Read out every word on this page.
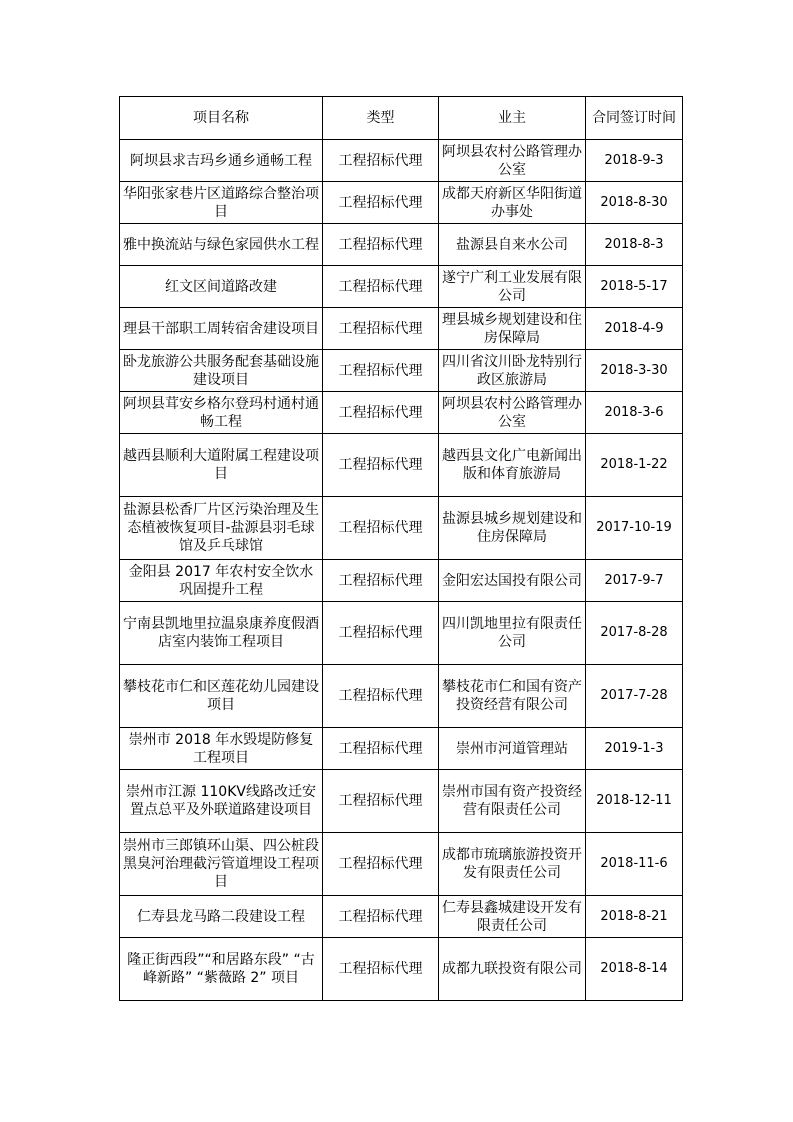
项目名称	类型	业主	合同签订时间
阿坝县求吉玛乡通乡通畅工程	工程招标代理	阿坝县农村公路管理办公室	2018-9-3
华阳张家巷片区道路综合整治项目	工程招标代理	成都天府新区华阳街道办事处	2018-8-30
雅中换流站与绿色家园供水工程	工程招标代理	盐源县自来水公司	2018-8-3
红文区间道路改建	工程招标代理	遂宁广利工业发展有限公司	2018-5-17
理县干部职工周转宿舍建设项目	工程招标代理	理县城乡规划建设和住房保障局	2018-4-9
卧龙旅游公共服务配套基础设施建设项目	工程招标代理	四川省汶川卧龙特别行政区旅游局	2018-3-30
阿坝县茸安乡格尔登玛村通村通畅工程	工程招标代理	阿坝县农村公路管理办公室	2018-3-6
越西县顺利大道附属工程建设项目	工程招标代理	越西县文化广电新闻出版和体育旅游局	2018-1-22
盐源县松香厂片区污染治理及生态植被恢复项目-盐源县羽毛球馆及乒乓球馆	工程招标代理	盐源县城乡规划建设和住房保障局	2017-10-19
金阳县 2017 年农村安全饮水巩固提升工程	工程招标代理	金阳宏达国投有限公司	2017-9-7
宁南县凯地里拉温泉康养度假酒店室内装饰工程项目	工程招标代理	四川凯地里拉有限责任公司	2017-8-28
攀枝花市仁和区莲花幼儿园建设项目	工程招标代理	攀枝花市仁和国有资产投资经营有限公司	2017-7-28
崇州市 2018 年水毁堤防修复工程项目	工程招标代理	崇州市河道管理站	2019-1-3
崇州市江源 110KV线路改迁安置点总平及外联道路建设项目	工程招标代理	崇州市国有资产投资经营有限责任公司	2018-12-11
崇州市三郎镇环山渠、四公桩段黑臭河治理截污管道埋设工程项目	工程招标代理	成都市琉璃旅游投资开发有限责任公司	2018-11-6
仁寿县龙马路二段建设工程	工程招标代理	仁寿县鑫城建设开发有限责任公司	2018-8-21
隆正街西段”“和居路东段” “古峰新路” “紫薇路 2” 项目	工程招标代理	成都九联投资有限公司	2018-8-14
